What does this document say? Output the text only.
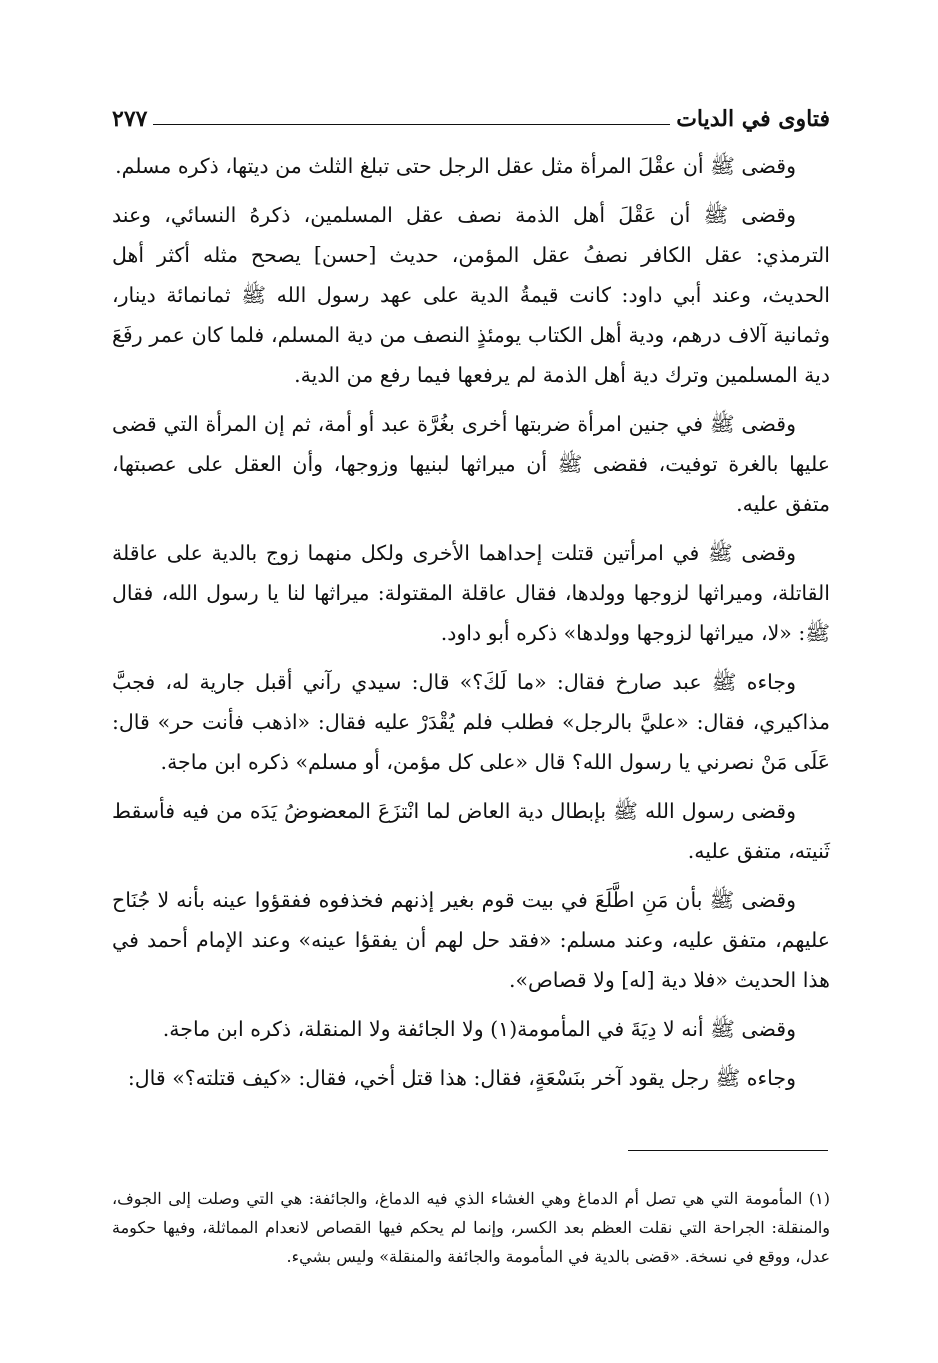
فتاوى في الديات
٢٧٧

وقضى ﷺ أن عقْلَ المرأة مثل عقل الرجل حتى تبلغ الثلث من ديتها، ذكره مسلم.

وقضى ﷺ أن عَقْلَ أهل الذمة نصف عقل المسلمين، ذكرهُ النسائي، وعند الترمذي: عقل الكافر نصفُ عقل المؤمن، حديث [حسن] يصحح مثله أكثر أهل الحديث، وعند أبي داود: كانت قيمةُ الدية على عهد رسول الله ﷺ ثمانمائة دينار، وثمانية آلاف درهم، ودية أهل الكتاب يومئذٍ النصف من دية المسلم، فلما كان عمر رفَعَ دية المسلمين وترك دية أهل الذمة لم يرفعها فيما رفع من الدية.

وقضى ﷺ في جنين امرأة ضربتها أخرى بغُرَّة عبد أو أمة، ثم إن المرأة التي قضى عليها بالغرة توفيت، فقضى ﷺ أن ميراثها لبنيها وزوجها، وأن العقل على عصبتها، متفق عليه.

وقضى ﷺ في امرأتين قتلت إحداهما الأخرى ولكل منهما زوج بالدية على عاقلة القاتلة، وميراثها لزوجها وولدها، فقال عاقلة المقتولة: ميراثها لنا يا رسول الله، فقال ﷺ: «لا، ميراثها لزوجها وولدها» ذكره أبو داود.

وجاءه ﷺ عبد صارخ فقال: «ما لَكَ؟» قال: سيدي رآني أقبل جارية له، فجبَّ مذاكيري، فقال: «عليَّ بالرجل» فطلب فلم يُقْدَرْ عليه فقال: «اذهب فأنت حر» قال: عَلَى مَنْ نصرني يا رسول الله؟ قال «على كل مؤمن، أو مسلم» ذكره ابن ماجة.

وقضى رسول الله ﷺ بإبطال دية العاض لما انْتزَعَ المعضوضُ يَدَه من فيه فأسقط ثَنيته، متفق عليه.

وقضى ﷺ بأن مَنِ اطَّلَعَ في بيت قوم بغير إذنهم فخذفوه ففقؤوا عينه بأنه لا جُنَاح عليهم، متفق عليه، وعند مسلم: «فقد حل لهم أن يفقؤا عينه» وعند الإمام أحمد في هذا الحديث «فلا دية [له] ولا قصاص».

وقضى ﷺ أنه لا دِيَةَ في المأمومة(١) ولا الجائفة ولا المنقلة، ذكره ابن ماجة.

وجاءه ﷺ رجل يقود آخر بنَسْعَةٍ، فقال: هذا قتل أخي، فقال: «كيف قتلته؟» قال:

(١) المأمومة التي هي تصل أم الدماغ وهي الغشاء الذي فيه الدماغ، والجائفة: هي التي وصلت إلى الجوف، والمنقلة: الجراحة التي نقلت العظم بعد الكسر، وإنما لم يحكم فيها القصاص لانعدام المماثلة، وفيها حكومة عدل، ووقع في نسخة. «قضى بالدية في المأمومة والجائفة والمنقلة» وليس بشيء.
